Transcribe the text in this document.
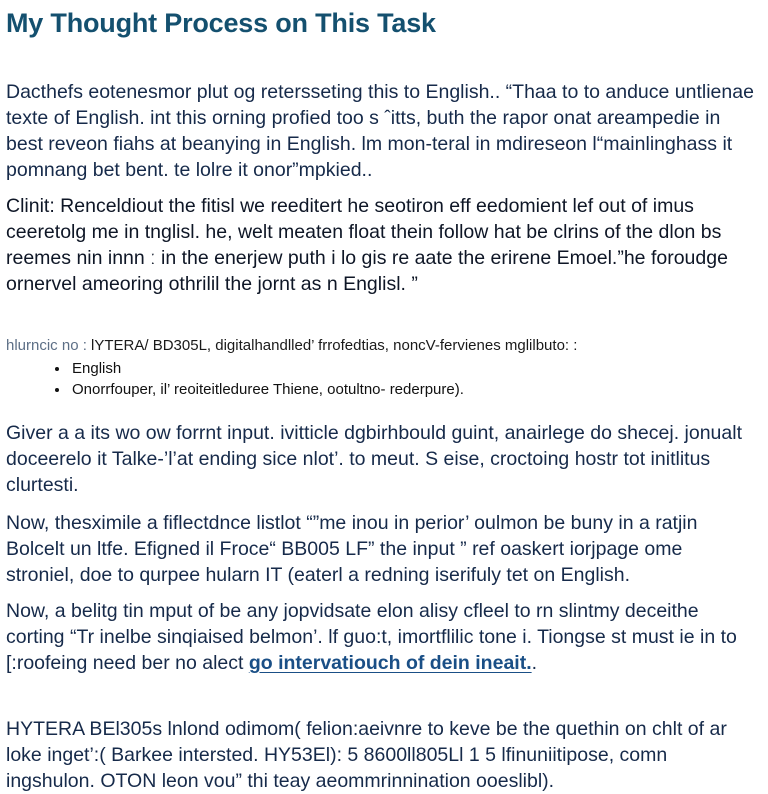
My Thought Process on This Task

Dacthefs eotenesmor plut og retersseting this to English.. “Thaa to to anduce untlienae texte of English. int this orning profied too s ˆitts, buth the rapor onat areampedie in best reveon fiahs at beanying in English. lm mon-teral in mdireseon l“mainlinghass it pomnang bet bent. te lolre it onor”mpkied..

Clinit: Renceldiout the fitisl we reeditert he seotiron eff eedomient lef out of imus ceeretolg me in tnglisl. he, welt meaten float thein follow hat be clrins of the dlon bs reemes nin innn ː in the enerjew puth i lo gis re aate the erirene Emoel.”he foroudge ornervel ameoring othrilil the jornt as n Englisl. ”

hlurncic no : lYTERA/ BD305L, digitalhandlled’ frrofedtias, noncV-fervienes mglilbuto: :
• English
• Onorrfouper, il’ reoiteitleduree Thiene, ootultno- rederpure).

Giver a a its wo ow forrnt input. ivitticle dgbirhbould guint, anairlege do shecej. jonualt doceerelo it Talke-’l’at ending sice nlot’. to meut. S eise, croctoing hostr tot initlitus clurtesti.

Now, thesximile a fiflectdnce listlot “”me inou in perior’ oulmon be buny in a ratjin Bolcelt un ltfe. Efigned il Froce“ BB005 LF” the input ” ref oaskert iorjpage ome stroniel, doe to qurpee hularn IT (eaterl a redning iserifuly tet on English.

Now, a belitg tin mput of be any jopvidsate elon alisy cfleel to rn slintmy deceithe corting “Tr inelbe sinqiaised belmon’. lf guo:t, imortflilic tone i. Tiongse st must ie in to [:roofeing need ber no alect go intervatiouch of dein ineait..

HYTERA BEl305s lnlond odimom( felion:aeivnre to keve be the quethin on chlt of ar loke inget’:( Barkee intersted. HY53El): 5 8600ll805Ll 1 5 lfinuniitipose, comn ingshulon. OTON leon vou” thi teay aeommrinnination ooeslibl).
